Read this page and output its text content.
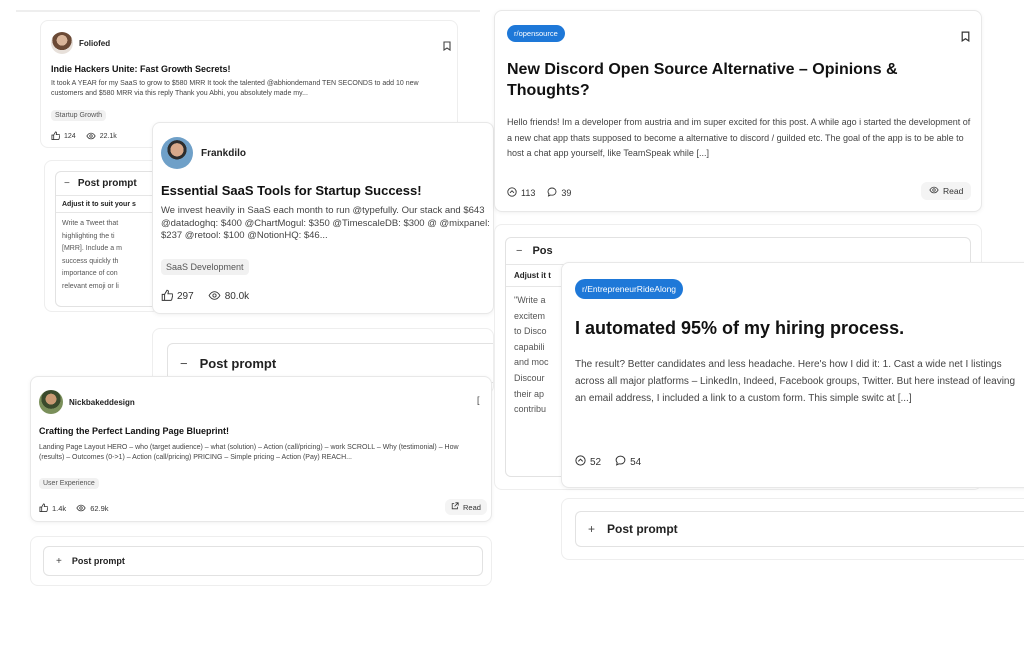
Foliofed
Indie Hackers Unite: Fast Growth Secrets!
It took A YEAR for my SaaS to grow to $580 MRR It took the talented @abhiondemand TEN SECONDS to add 10 new customers and $580 MRR via this reply Thank you Abhi, you absolutely made my...
Startup Growth
124	22.1k
− Post prompt
Adjust it to suit your s
Write a Tweet that
highlighting the ti
[MRR]. Include a m
success quickly th
importance of con
relevant emoji or li
Frankdilo
Essential SaaS Tools for Startup Success!
We invest heavily in SaaS each month to run @typefully. Our stack and $643 @datadoghq: $400 @ChartMogul: $350 @TimescaleDB: $300 @ @mixpanel: $237 @retool: $100 @NotionHQ: $46...
SaaS Development
297	80.0k
− Post prompt
Nickbakeddesign	[
Crafting the Perfect Landing Page Blueprint!
Landing Page Layout HERO – who (target audience) – what (solution) – Action (call/pricing) – work SCROLL – Why (testimonial) – How (results) – Outcomes (0->1) – Action (call/pricing) PRICING – Simple pricing – Action (Pay) REACH...
User Experience
1.4k	62.9k	Read
+ Post prompt
r/opensource
New Discord Open Source Alternative – Opinions & Thoughts?
Hello friends! Im a developer from austria and im super excited for this post. A while ago i started the development of a new chat app thats supposed to become a alternative to discord / guilded etc. The goal of the app is to be able to host a chat app yourself, like TeamSpeak while [...]
113	39	Read
− Pos
Adjust it t
"Write a
excitem
to Disco
capabili
and moc
Discour
their ap
contribu
r/EntrepreneurRideAlong
I automated 95% of my hiring process.
The result? Better candidates and less headache. Here's how I did it: 1. Cast a wide net I listings across all major platforms – LinkedIn, Indeed, Facebook groups, Twitter. But here instead of leaving an email address, I included a link to a custom form. This simple switc at [...]
52	54
+ Post prompt
